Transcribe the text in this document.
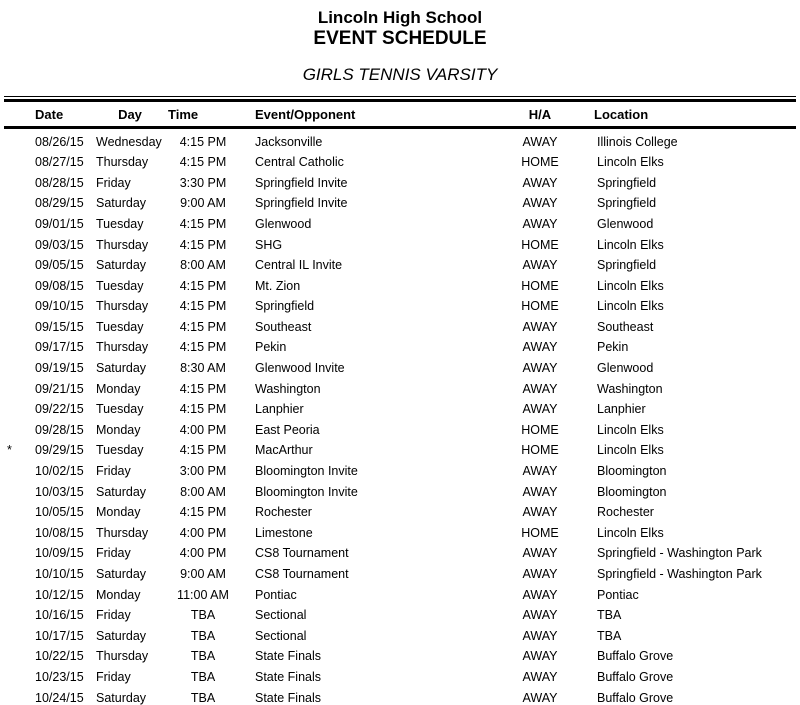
Lincoln High School
EVENT SCHEDULE
GIRLS TENNIS VARSITY
Date	Day	Time	Event/Opponent	H/A	Location
08/26/15 Wednesday	4:15 PM	Jacksonville	AWAY	Illinois College
08/27/15 Thursday	4:15 PM	Central Catholic	HOME	Lincoln Elks
08/28/15 Friday	3:30 PM	Springfield Invite	AWAY	Springfield
08/29/15 Saturday	9:00 AM	Springfield Invite	AWAY	Springfield
09/01/15 Tuesday	4:15 PM	Glenwood	AWAY	Glenwood
09/03/15 Thursday	4:15 PM	SHG	HOME	Lincoln Elks
09/05/15 Saturday	8:00 AM	Central IL Invite	AWAY	Springfield
09/08/15 Tuesday	4:15 PM	Mt. Zion	HOME	Lincoln Elks
09/10/15 Thursday	4:15 PM	Springfield	HOME	Lincoln Elks
09/15/15 Tuesday	4:15 PM	Southeast	AWAY	Southeast
09/17/15 Thursday	4:15 PM	Pekin	AWAY	Pekin
09/19/15 Saturday	8:30 AM	Glenwood Invite	AWAY	Glenwood
09/21/15 Monday	4:15 PM	Washington	AWAY	Washington
09/22/15 Tuesday	4:15 PM	Lanphier	AWAY	Lanphier
09/28/15 Monday	4:00 PM	East Peoria	HOME	Lincoln Elks
*	09/29/15 Tuesday	4:15 PM	MacArthur	HOME	Lincoln Elks
10/02/15 Friday	3:00 PM	Bloomington Invite	AWAY	Bloomington
10/03/15 Saturday	8:00 AM	Bloomington Invite	AWAY	Bloomington
10/05/15 Monday	4:15 PM	Rochester	AWAY	Rochester
10/08/15 Thursday	4:00 PM	Limestone	HOME	Lincoln Elks
10/09/15 Friday	4:00 PM	CS8 Tournament	AWAY	Springfield - Washington Park
10/10/15 Saturday	9:00 AM	CS8 Tournament	AWAY	Springfield - Washington Park
10/12/15 Monday	11:00 AM	Pontiac	AWAY	Pontiac
10/16/15 Friday	TBA	Sectional	AWAY	TBA
10/17/15 Saturday	TBA	Sectional	AWAY	TBA
10/22/15 Thursday	TBA	State Finals	AWAY	Buffalo Grove
10/23/15 Friday	TBA	State Finals	AWAY	Buffalo Grove
10/24/15 Saturday	TBA	State Finals	AWAY	Buffalo Grove
